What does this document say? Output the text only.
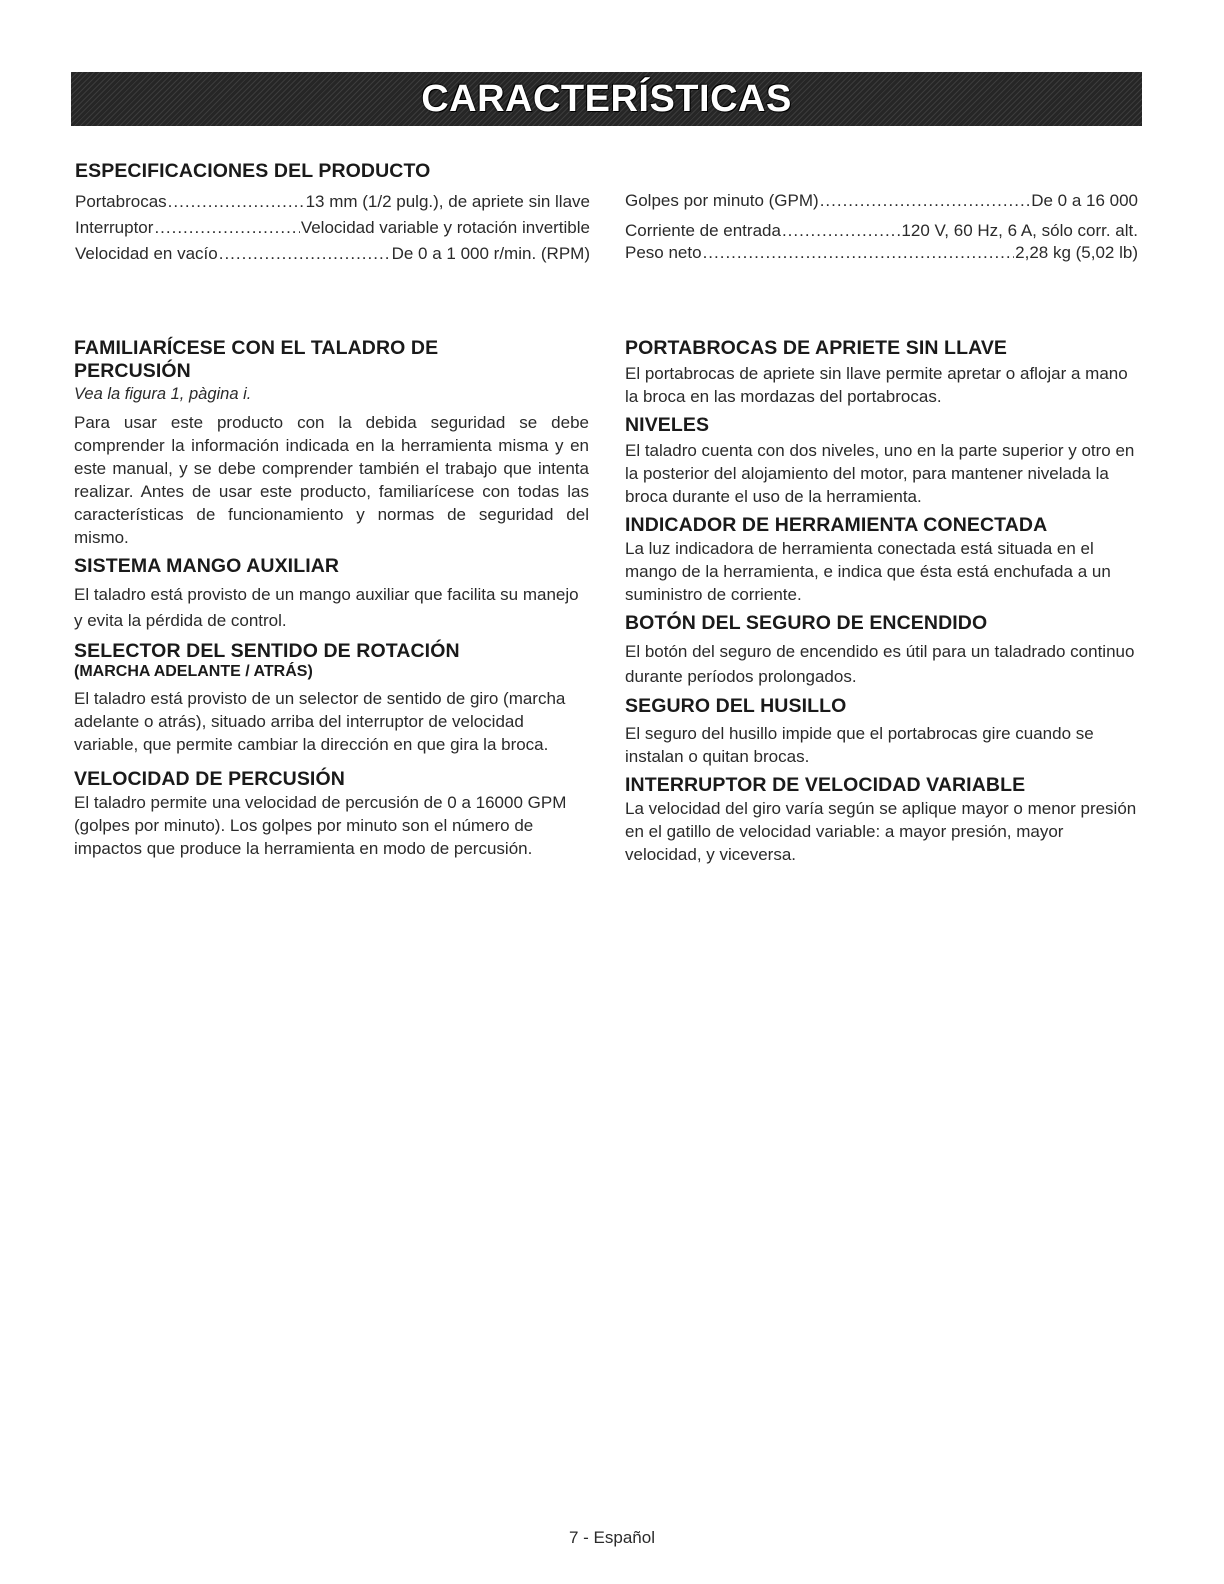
CARACTERÍSTICAS
ESPECIFICACIONES DEL PRODUCTO
Portabrocas .....	13 mm (1/2 pulg.), de apriete sin llave
Interruptor .....	Velocidad variable y rotación invertible
Velocidad en vacío .....	De 0 a 1 000 r/min. (RPM)
Golpes por minuto (GPM) .....	De 0 a 16 000
Corriente de entrada .....	120 V, 60 Hz, 6 A, sólo corr. alt.
Peso neto .....	2,28 kg (5,02 lb)
FAMILIARÍCESE CON EL TALADRO DE
PERCUSIÓN

Vea la figura 1, pàgina i.

Para usar este producto con la debida seguridad se debe comprender la información indicada en la herramienta misma y en este manual, y se debe comprender también el trabajo que intenta realizar. Antes de usar este producto, familiarícese con todas las características de funcionamiento y normas de seguridad del mismo.

SISTEMA MANGO AUXILIAR

El taladro está provisto de un mango auxiliar que facilita su manejo y evita la pérdida de control.

SELECTOR DEL SENTIDO DE ROTACIÓN
(MARCHA ADELANTE / ATRÁS)

El taladro está provisto de un selector de sentido de giro (marcha adelante o atrás), situado arriba del interruptor de velocidad variable, que permite cambiar la dirección en que gira la broca.

VELOCIDAD DE PERCUSIÓN

El taladro permite una velocidad de percusión de 0 a 16000 GPM (golpes por minuto). Los golpes por minuto son el número de impactos que produce la herramienta en modo de percusión.

PORTABROCAS DE APRIETE SIN LLAVE

El portabrocas de apriete sin llave permite apretar o aflojar a mano la broca en las mordazas del portabrocas.

NIVELES

El taladro cuenta con dos niveles, uno en la parte superior y otro en la posterior del alojamiento del motor, para mantener nivelada la broca durante el uso de la herramienta.

INDICADOR DE HERRAMIENTA CONECTADA

La luz indicadora de herramienta conectada está situada en el mango de la herramienta, e indica que ésta está enchufada a un suministro de corriente.

BOTÓN DEL SEGURO DE ENCENDIDO

El botón del seguro de encendido es útil para un taladrado continuo durante períodos prolongados.

SEGURO DEL HUSILLO

El seguro del husillo impide que el portabrocas gire cuando se instalan o quitan brocas.

INTERRUPTOR DE VELOCIDAD VARIABLE

La velocidad del giro varía según se aplique mayor o menor presión en el gatillo de velocidad variable: a mayor presión, mayor velocidad, y viceversa.

7 - Español
